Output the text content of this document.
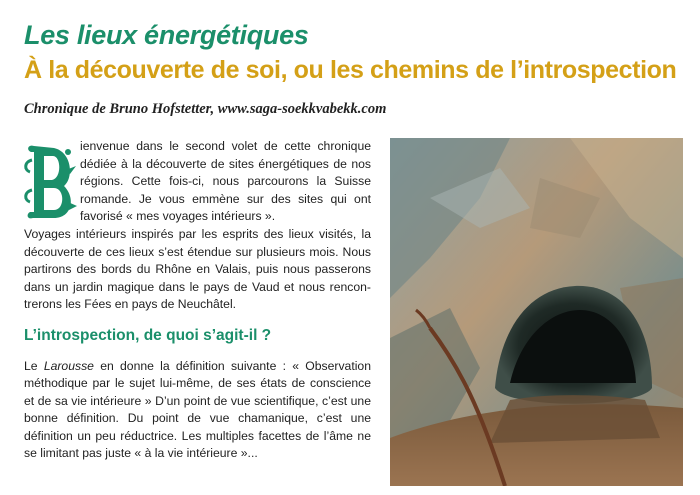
Les lieux énergétiques
À la découverte de soi, ou les chemins de l’introspection
Chronique de Bruno Hofstetter, www.saga-soekkvabekk.com

ienvenue dans le second volet de cette chronique dédiée à la découverte de sites énergétiques de nos régions. Cette fois-ci, nous parcourons la Suisse romande. Je vous emmène sur des sites qui ont favorisé « mes voyages intérieurs ».

Voyages intérieurs inspirés par les esprits des lieux visités, la découverte de ces lieux s’est étendue sur plusieurs mois. Nous partirons des bords du Rhône en Valais, puis nous passerons dans un jardin magique dans le pays de Vaud et nous rencon-trerons les Fées en pays de Neuchâtel.

L’introspection, de quoi s’agit-il ?

Le Larousse en donne la définition suivante : « Observation méthodique par le sujet lui-même, de ses états de conscience et de sa vie intérieure » D’un point de vue scientifique, c’est une bonne définition. Du point de vue chamanique, c’est une définition un peu réductrice. Les multiples facettes de l’âme ne se limitant pas juste « à la vie intérieure »...
